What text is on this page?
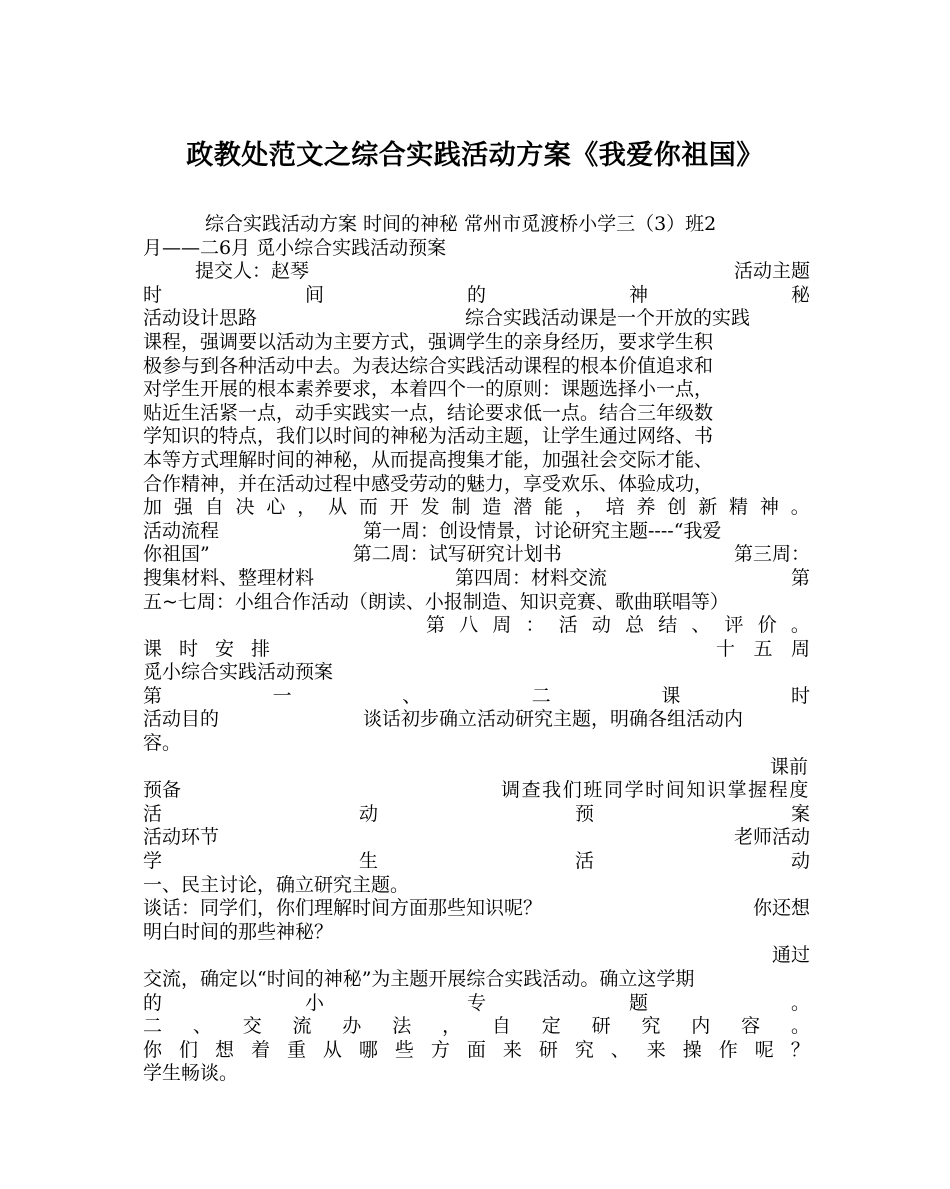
政教处范文之综合实践活动方案《我爱你祖国》
综合实践活动方案 时间的神秘 常州市觅渡桥小学三（3）班2
月——二6月 觅小综合实践活动预案
提交人：赵琴	活动主题
时	间	的	神	秘
活动设计思路	综合实践活动课是一个开放的实践
课程，强调要以活动为主要方式，强调学生的亲身经历，要求学生积
极参与到各种活动中去。为表达综合实践活动课程的根本价值追求和
对学生开展的根本素养要求，本着四个一的原则：课题选择小一点，
贴近生活紧一点，动手实践实一点，结论要求低一点。结合三年级数
学知识的特点，我们以时间的神秘为活动主题，让学生通过网络、书
本等方式理解时间的神秘，从而提高搜集才能，加强社会交际才能、
合作精神，并在活动过程中感受劳动的魅力，享受欢乐、体验成功，
加 强 自 决 心 ， 从 而 开 发 制 造 潜 能 ， 培 养 创 新 精 神 。
活动流程	第一周：创设情景，讨论研究主题----“我爱
你祖国”	第二周：试写研究计划书	第三周：
搜集材料、整理材料	第四周：材料交流	第
五~七周：小组合作活动（朗读、小报制造、知识竞赛、歌曲联唱等）
第 八 周 ： 活 动 总 结 、 评 价 。
课 时 安 排	十 五 周
觅小综合实践活动预案
第	一	、	二	课	时
活动目的	谈话初步确立活动研究主题，明确各组活动内
容。
课前
预备	调查我们班同学时间知识掌握程度
活	动	预	案
活动环节	老师活动
学	生	活	动
一、民主讨论，确立研究主题。
谈话：同学们，你们理解时间方面那些知识呢？	你还想
明白时间的那些神秘？
通过
交流，确定以“时间的神秘”为主题开展综合实践活动。确立这学期
的	小	专	题	。
二 、 交 流 办 法 ， 自 定 研 究 内 容 。
你 们 想 着 重 从 哪 些 方 面 来 研 究 、 来 操 作 呢 ？
学生畅谈。
